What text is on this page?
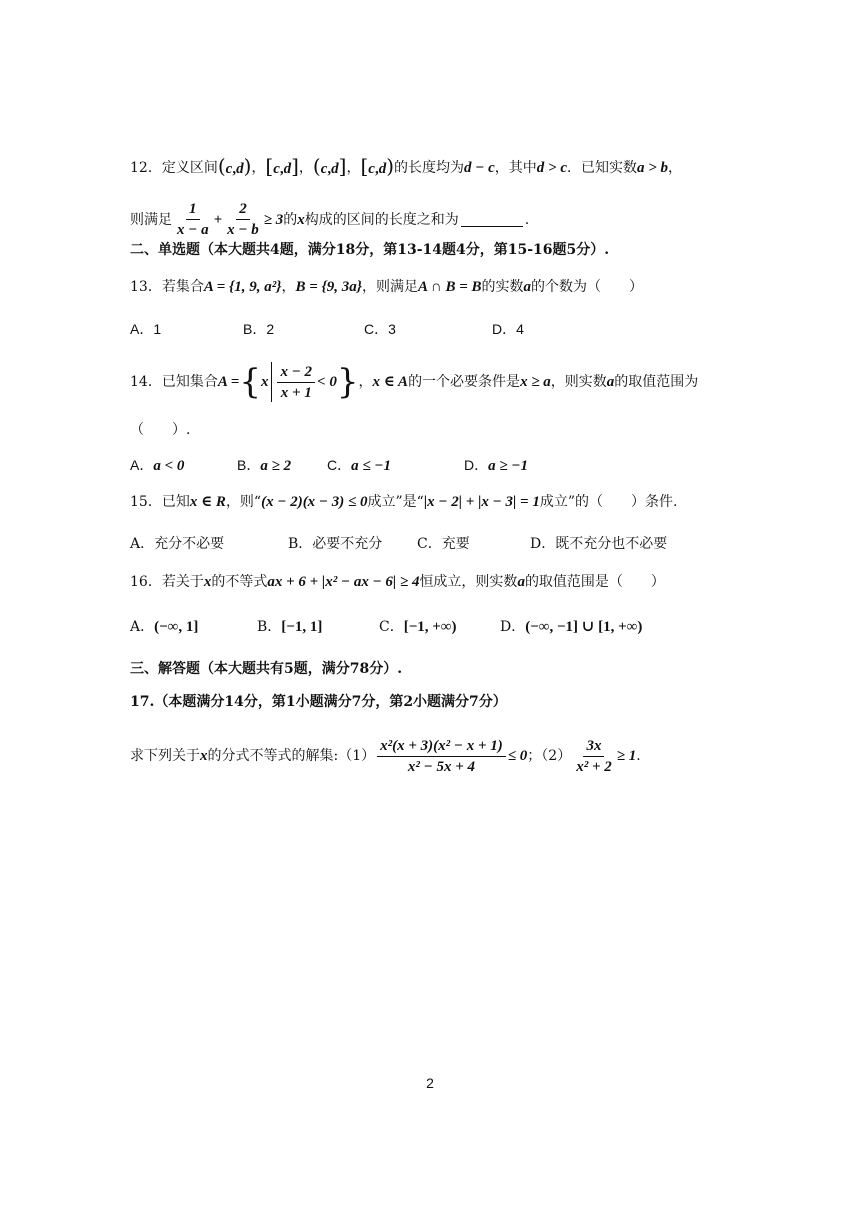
12． 定义区间 (c,d) ， [c,d] ， (c,d] ， [c,d) 的长度均为 d − c ，其中 d > c ．已知实数 a > b ，
则满足 $\frac{1}{x - a} + \frac{2}{x - b} \ge 3$ 的 x 构成的区间的长度之和为	.
二、单选题（本大题共4题，满分18分，第13-14题4分，第15-16题5分）.
13． 若集合 A = {1, 9, a²} ， B = {9, 3a} ，则满足 A ∩ B = B 的实数 a 的个数为（　　）
A．1	B．2	C．3	D．4
14． 已知集合 A = { x $\frac{x - 2}{x + 1} < 0$ } ， x ∈ A 的一个必要条件是 x ≥ a ，则实数 a 的取值范围为
（　　）.
A．a < 0	B．a ≥ 2	C．a ≤ −1	D．a ≥ −1
15． 已知 x ∈ R ，则“ (x − 2)(x − 3) ≤ 0 成立”是“ |x − 2| + |x − 3| = 1 成立”的（　　）条件.
A．充分不必要	B．必要不充分	C．充要	D．既不充分也不必要
16． 若关于 x 的不等式 ax + 6 + |x² − ax − 6| ≥ 4 恒成立，则实数 a 的取值范围是（　　）
A．(−∞, 1]	B．[−1, 1]	C．[−1, +∞)	D．(−∞, −1] ∪ [1, +∞)
三、解答题（本大题共有5题，满分78分）.
17.（本题满分14分，第1小题满分7分，第2小题满分7分）
求下列关于 x 的分式不等式的解集:（1） $\frac{\text{x²(x + 3)(x² − x + 1)}}{\text{x² − 5x + 4}} \le 0$ ；$(2) \frac{3x}{\text{x² + 2}} \ge 1$ .
2
